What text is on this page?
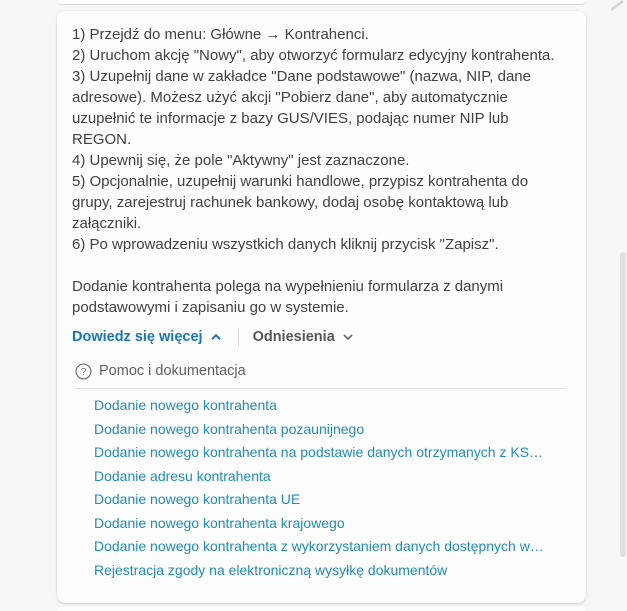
1) Przejdź do menu: Główne → Kontrahenci.
2) Uruchom akcję "Nowy", aby otworzyć formularz edycyjny kontrahenta.
3) Uzupełnij dane w zakładce "Dane podstawowe" (nazwa, NIP, dane adresowe). Możesz użyć akcji "Pobierz dane", aby automatycznie uzupełnić te informacje z bazy GUS/VIES, podając numer NIP lub REGON.
4) Upewnij się, że pole "Aktywny" jest zaznaczone.
5) Opcjonalnie, uzupełnij warunki handlowe, przypisz kontrahenta do grupy, zarejestruj rachunek bankowy, dodaj osobę kontaktową lub załączniki.
6) Po wprowadzeniu wszystkich danych kliknij przycisk "Zapisz".

Dodanie kontrahenta polega na wypełnieniu formularza z danymi podstawowymi i zapisaniu go w systemie.

Dowiedz się więcej	Odniesienia
? Pomoc i dokumentacja
Dodanie nowego kontrahenta
Dodanie nowego kontrahenta pozaunijnego
Dodanie nowego kontrahenta na podstawie danych otrzymanych z KS…
Dodanie adresu kontrahenta
Dodanie nowego kontrahenta UE
Dodanie nowego kontrahenta krajowego
Dodanie nowego kontrahenta z wykorzystaniem danych dostępnych w…
Rejestracja zgody na elektroniczną wysyłkę dokumentów
